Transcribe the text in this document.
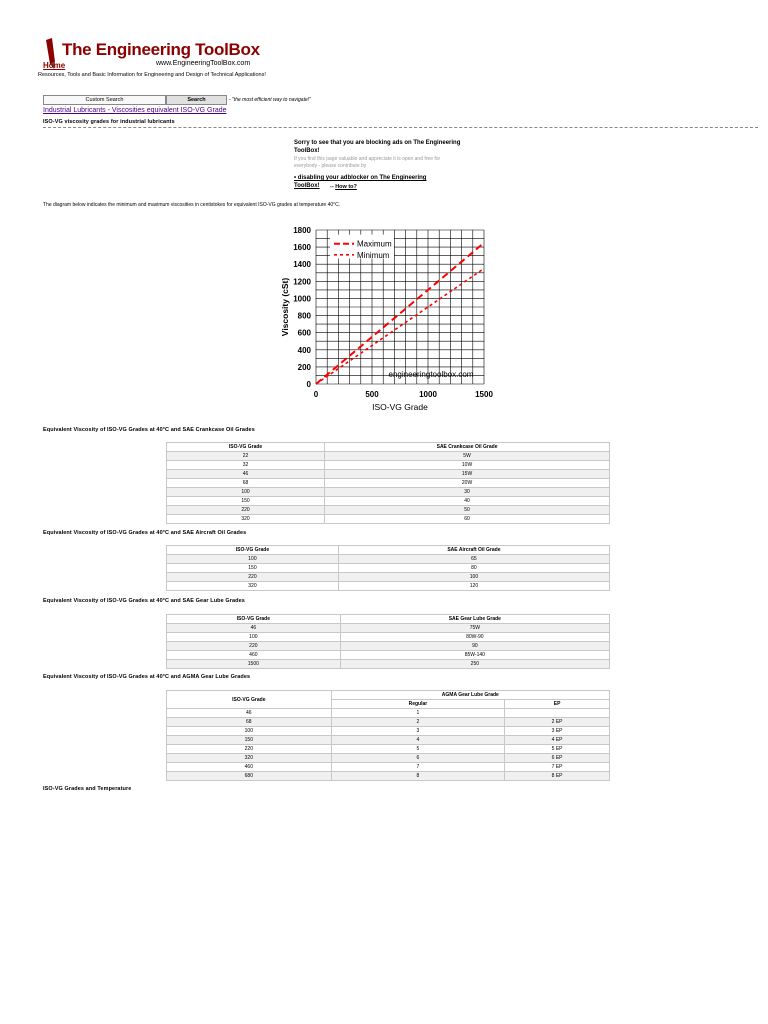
The Engineering ToolBox
Home	www.EngineeringToolBox.com
Resources, Tools and Basic Information for Engineering and Design of Technical Applications!
Custom Search	Search	- "the most efficient way to navigate!"
Industrial Lubricants - Viscosities equivalent ISO-VG Grade
ISO-VG viscosity grades for industrial lubricants
Sorry to see that you are blocking ads on The Engineering ToolBox!
If you find this page valuable and appreciate it is open and free for everybody - please contribute by
• disabling your adblocker on The Engineering ToolBox!	-- How to?
The diagram below indicates the minimum and maximum viscosities in centistokes for equivalent ISO-VG grades at temperature 40°C.
engineeringtoolbox.com
Maximum
Minimum
0
200
400
600
800
1000
1200
1400
1600
1800
0	500	1000	1500
ISO-VG Grade
Viscosity (cSt)
Equivalent Viscosity of ISO-VG Grades at 40°C and SAE Crankcase Oil Grades
Equivalent Viscosity of ISO-VG Grades at 40°C and SAE Aircraft Oil Grades
Equivalent Viscosity of ISO-VG Grades at 40°C and SAE Gear Lube Grades
Equivalent Viscosity of ISO-VG Grades at 40°C and AGMA Gear Lube Grades
ISO-VG Grades and Temperature
ISO-VG Grade	SAE Crankcase Oil Grade
22	5W
32	10W
46	15W
68	20W
100	30
150	40
220	50
320	60
ISO-VG Grade	SAE Aircraft Oil Grade
100	65
150	80
220	100
320	120
ISO-VG Grade	SAE Gear Lube Grade
46	75W
100	80W-90
220	90
460	85W-140
1500	250
ISO-VG Grade	AGMA Gear Lube Grade	
	Regular	EP
46	1	
68	2	2 EP
100	3	3 EP
150	4	4 EP
220	5	5 EP
320	6	6 EP
460	7	7 EP
680	8	8 EP
